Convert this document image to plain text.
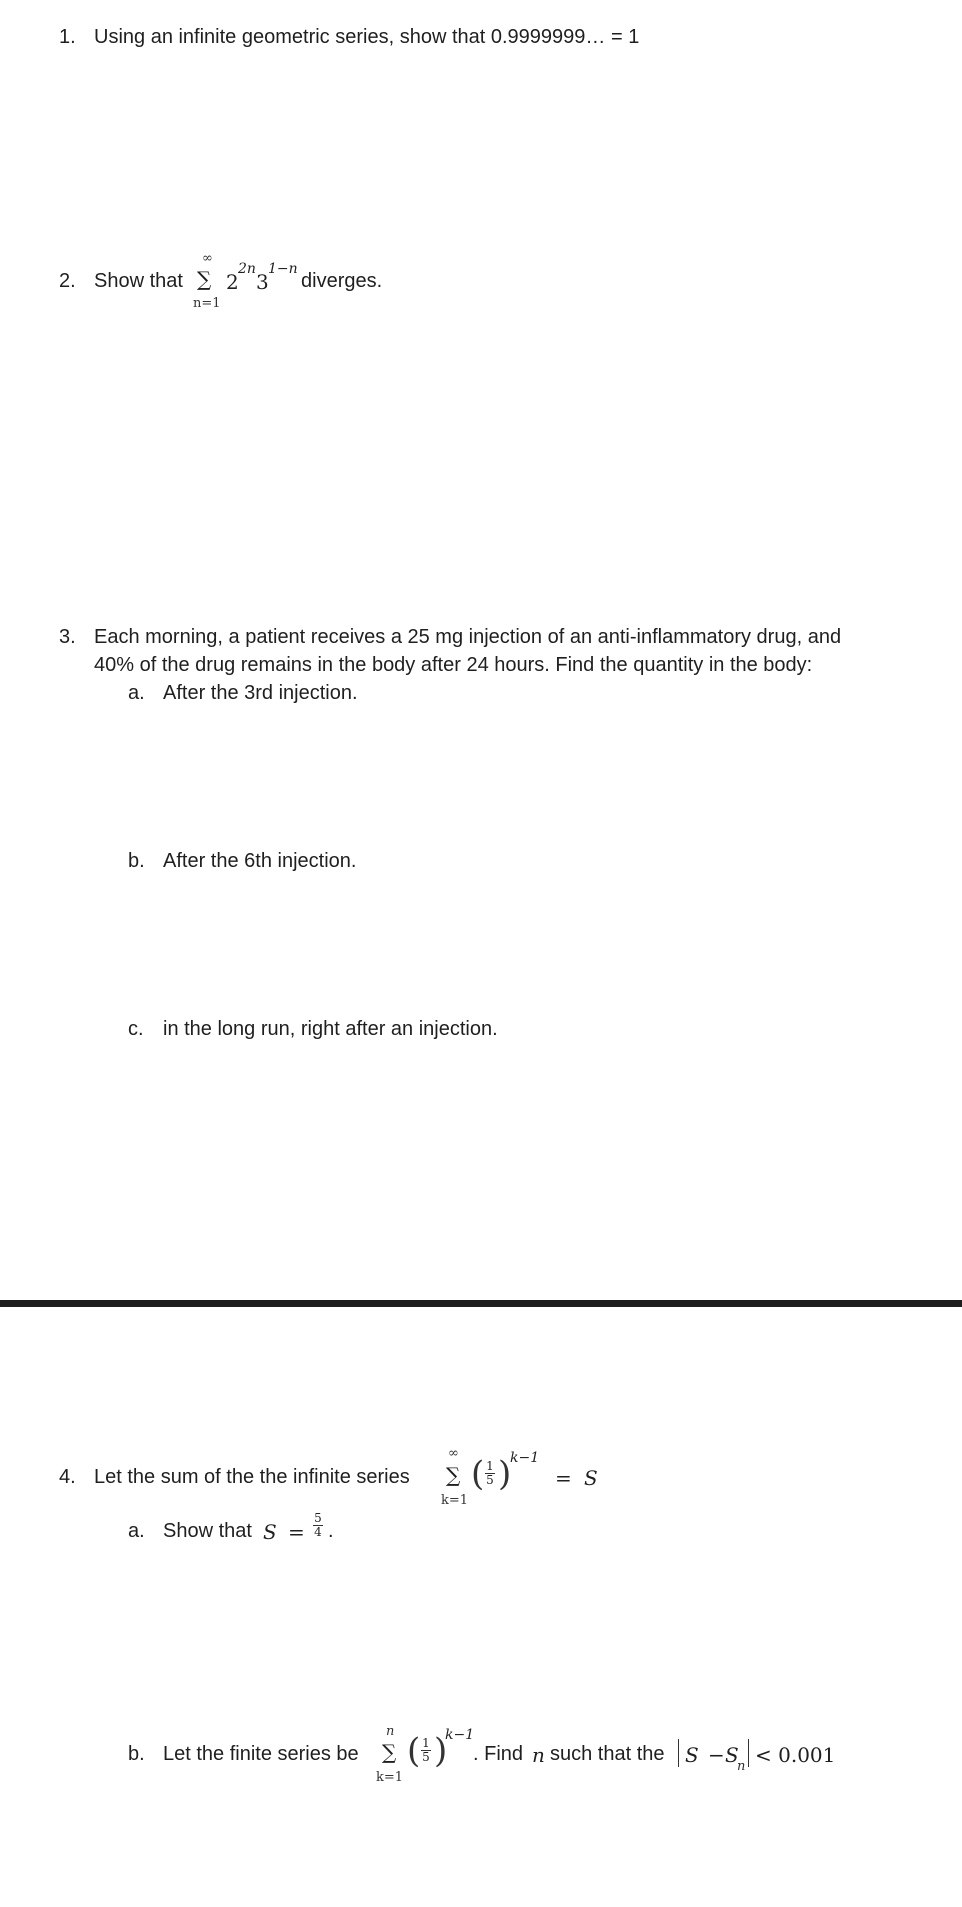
1. Using an infinite geometric series, show that 0.9999999… = 1
2. Show that
∞
∑
n=1
2
2n
3
1−n
diverges.
3. Each morning, a patient receives a 25 mg injection of an anti-inflammatory drug, and
40% of the drug remains in the body after 24 hours. Find the quantity in the body:
a. After the 3rd injection.
b. After the 6th injection.
c. in the long run, right after an injection.
4. Let the sum of the the infinite series
∞
∑
k=1
( 1
5 )
k−1
= S
a. Show that S =
5
4 .
b. Let the finite series be
n
∑
k=1
( 1
5 )
k−1
. Find n such that the S − S
n < 0.001
